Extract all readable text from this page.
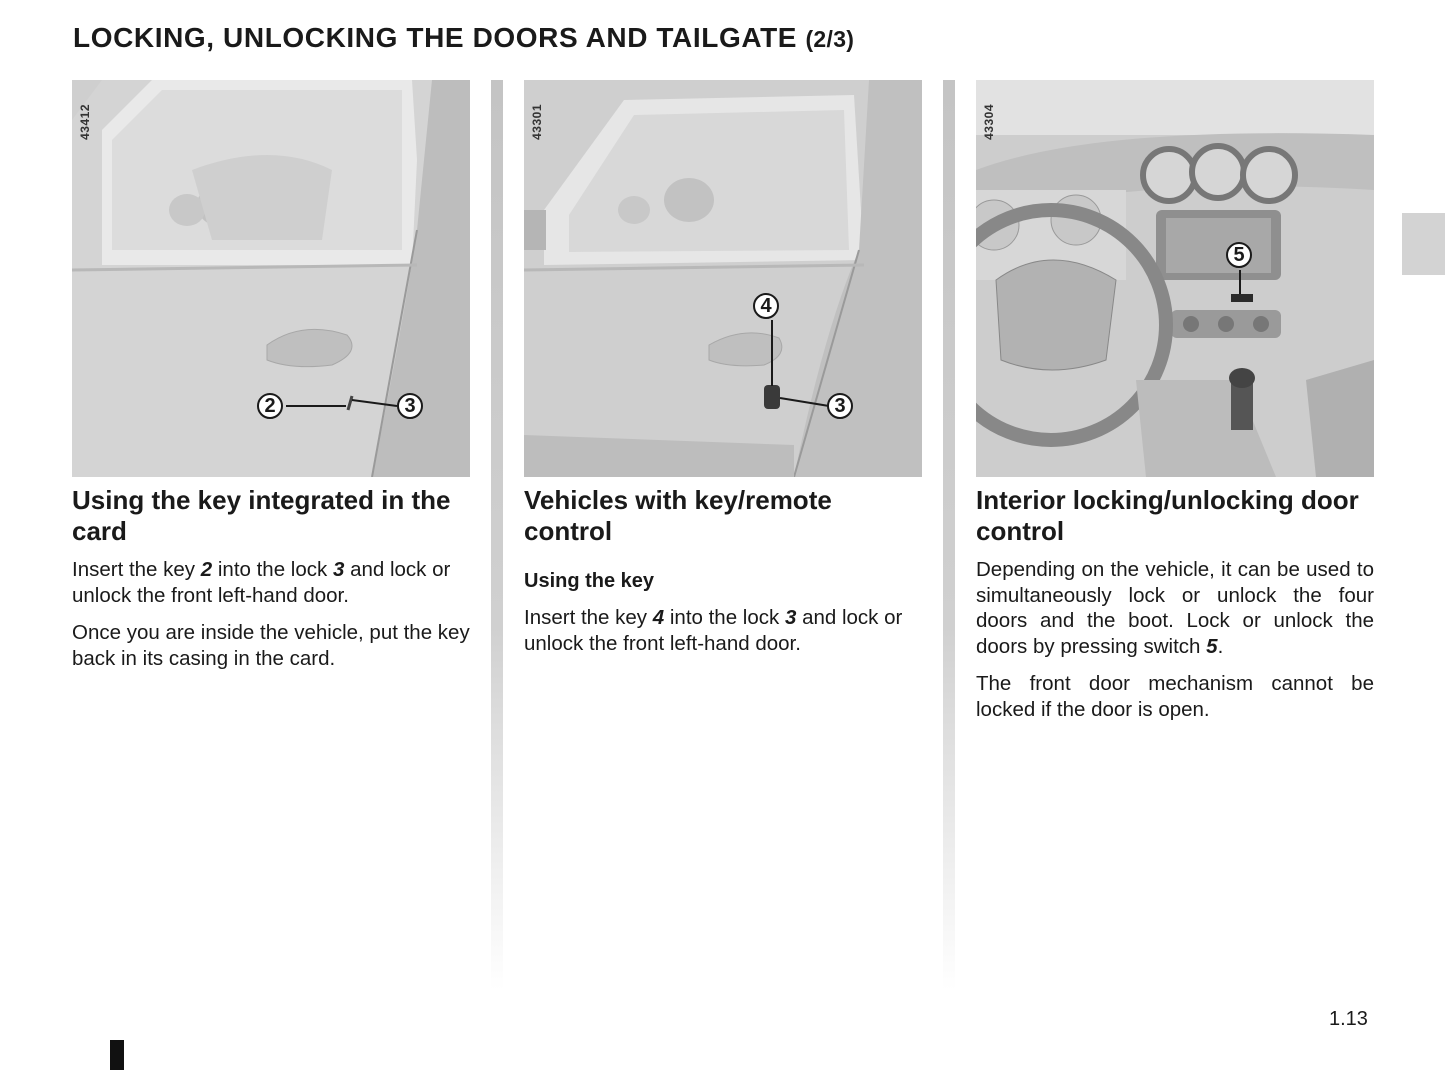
LOCKING, UNLOCKING THE DOORS AND TAILGATE (2/3)
43412
2	3
Using the key integrated in the card

Insert the key 2 into the lock 3 and lock or unlock the front left-hand door.

Once you are inside the vehicle, put the key back in its casing in the card.

43301
4
3
Vehicles with key/remote control
Using the key

Insert the key 4 into the lock 3 and lock or unlock the front left-hand door.

43304
5
Interior locking/unlocking door control

Depending on the vehicle, it can be used to simultaneously lock or unlock the four doors and the boot. Lock or unlock the doors by pressing switch 5.

The front door mechanism cannot be locked if the door is open.

1.13
